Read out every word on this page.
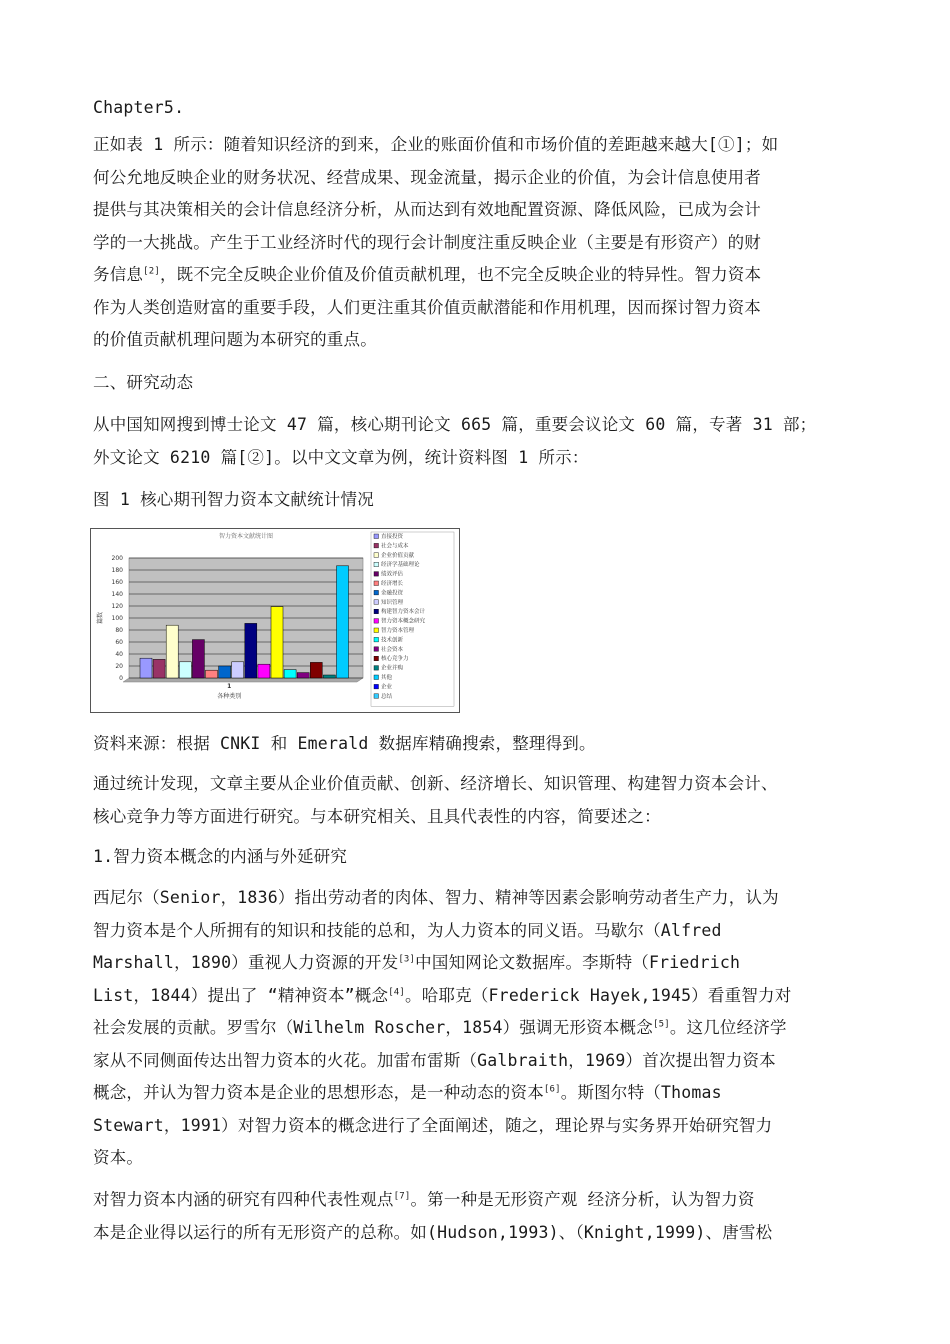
Chapter5.

正如表 1 所示：随着知识经济的到来，企业的账面价值和市场价值的差距越来越大[①]；如
何公允地反映企业的财务状况、经营成果、现金流量，揭示企业的价值，为会计信息使用者
提供与其决策相关的会计信息经济分析，从而达到有效地配置资源、降低风险，已成为会计
学的一大挑战。产生于工业经济时代的现行会计制度注重反映企业（主要是有形资产）的财
务信息[2]，既不完全反映企业价值及价值贡献机理，也不完全反映企业的特异性。智力资本
作为人类创造财富的重要手段，人们更注重其价值贡献潜能和作用机理，因而探讨智力资本
的价值贡献机理问题为本研究的重点。

二、研究动态

从中国知网搜到博士论文 47 篇，核心期刊论文 665 篇，重要会议论文 60 篇，专著 31 部；
外文论文 6210 篇[②]。以中文文章为例，统计资料图 1 所示：

图 1 核心期刊智力资本文献统计情况

智力资本文献统计图
0
20
40
60
80
100
120
140
160
180
200
篇数
1
各种类别
直接投资
社会与成本
企业价值贡献
经济学基础理论
绩效评估
经济增长
金融投资
知识管理
构建智力资本会计
智力资本概念研究
智力资本管理
技术创新
社会资本
核心竞争力
企业并购
其他
企业
总结

资料来源：根据 CNKI 和 Emerald 数据库精确搜索，整理得到。

通过统计发现，文章主要从企业价值贡献、创新、经济增长、知识管理、构建智力资本会计、
核心竞争力等方面进行研究。与本研究相关、且具代表性的内容，简要述之：

1.智力资本概念的内涵与外延研究

西尼尔（Senior，1836）指出劳动者的肉体、智力、精神等因素会影响劳动者生产力，认为
智力资本是个人所拥有的知识和技能的总和，为人力资本的同义语。马歇尔（Alfred
Marshall，1890）重视人力资源的开发[3]中国知网论文数据库。李斯特（Friedrich
List，1844）提出了 “精神资本”概念[4]。哈耶克（Frederick Hayek,1945）看重智力对
社会发展的贡献。罗雪尔（Wilhelm Roscher，1854）强调无形资本概念[5]。这几位经济学
家从不同侧面传达出智力资本的火花。加雷布雷斯（Galbraith，1969）首次提出智力资本
概念，并认为智力资本是企业的思想形态，是一种动态的资本[6]。斯图尔特（Thomas
Stewart，1991）对智力资本的概念进行了全面阐述，随之，理论界与实务界开始研究智力
资本。
对智力资本内涵的研究有四种代表性观点[7]。第一种是无形资产观 经济分析，认为智力资
本是企业得以运行的所有无形资产的总称。如(Hudson,1993)、（Knight,1999)、唐雪松
